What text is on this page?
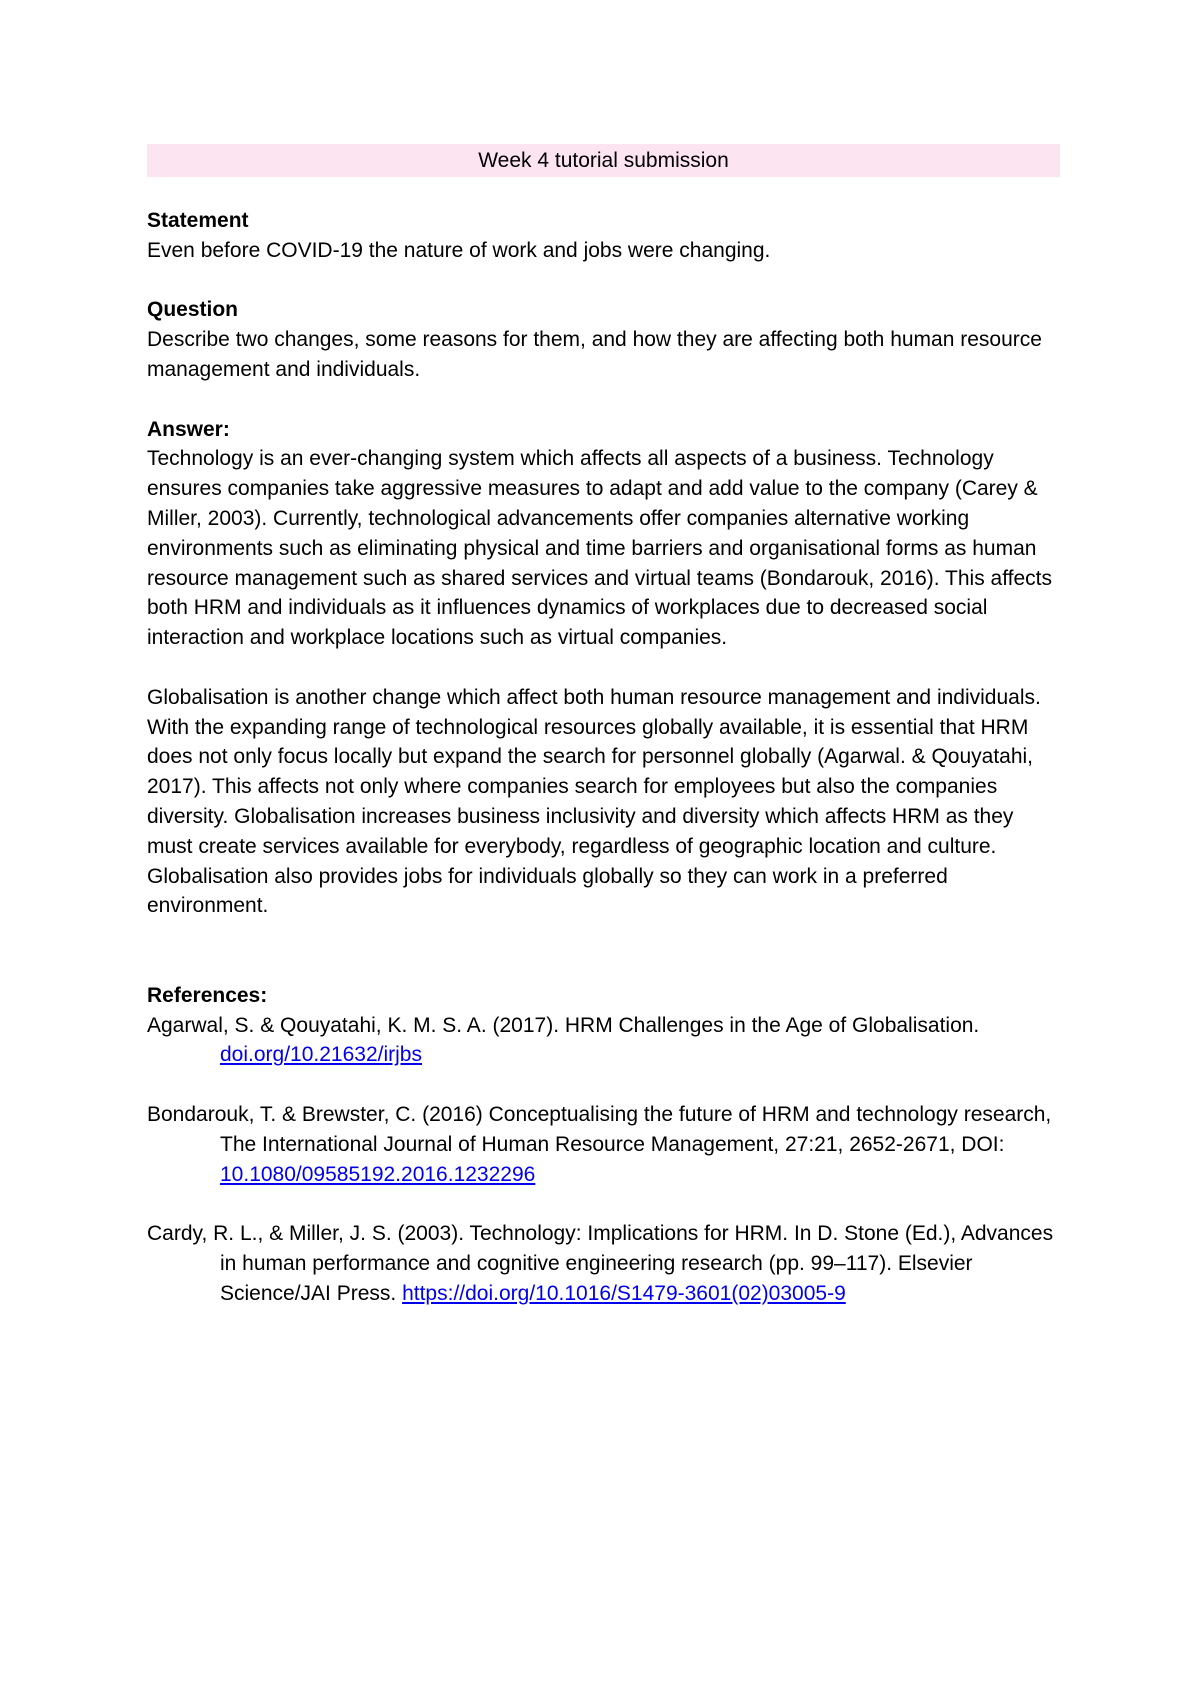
Week 4 tutorial submission

Statement

Even before COVID-19 the nature of work and jobs were changing.

Question

Describe two changes, some reasons for them, and how they are affecting both human resource management and individuals.

Answer:

Technology is an ever-changing system which affects all aspects of a business. Technology ensures companies take aggressive measures to adapt and add value to the company (Carey & Miller, 2003). Currently, technological advancements offer companies alternative working environments such as eliminating physical and time barriers and organisational forms as human resource management such as shared services and virtual teams (Bondarouk, 2016). This affects both HRM and individuals as it influences dynamics of workplaces due to decreased social interaction and workplace locations such as virtual companies.

Globalisation is another change which affect both human resource management and individuals. With the expanding range of technological resources globally available, it is essential that HRM does not only focus locally but expand the search for personnel globally (Agarwal. & Qouyatahi, 2017). This affects not only where companies search for employees but also the companies diversity. Globalisation increases business inclusivity and diversity which affects HRM as they must create services available for everybody, regardless of geographic location and culture. Globalisation also provides jobs for individuals globally so they can work in a preferred environment.

References:

Agarwal, S. & Qouyatahi, K. M. S. A. (2017). HRM Challenges in the Age of Globalisation. doi.org/10.21632/irjbs

Bondarouk, T. & Brewster, C. (2016) Conceptualising the future of HRM and technology research, The International Journal of Human Resource Management, 27:21, 2652-2671, DOI: 10.1080/09585192.2016.1232296

Cardy, R. L., & Miller, J. S. (2003). Technology: Implications for HRM. In D. Stone (Ed.), Advances in human performance and cognitive engineering research (pp. 99–117). Elsevier Science/JAI Press. https://doi.org/10.1016/S1479-3601(02)03005-9
